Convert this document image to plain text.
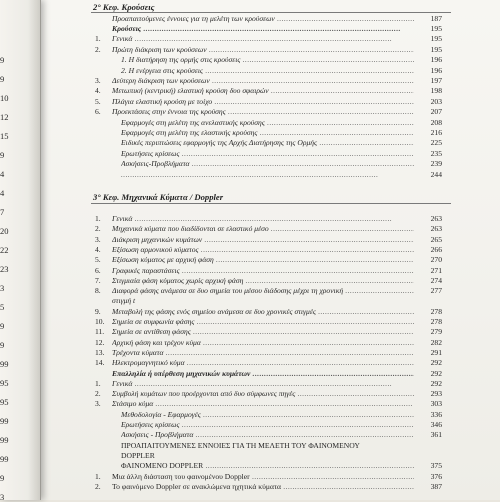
9
9
10
12
15
9
4
4
7
20
22
23
3
5
9
9
99
95
95
99
99
99
9
3
2° Κεφ. Κρούσεις
Προαπαιτούμενες έννοιες για τη μελέτη των κρούσεων .....	187
Κρούσεις .....	195
1. Γενικά .....	195
2. Πρώτη διάκριση των κρούσεων .....	195
1. Η διατήρηση της ορμής στις κρούσεις .....	196
2. Η ενέργεια στις κρούσεις .....	196
3. Δεύτερη διάκριση των κρούσεων .....	197
4. Μετωπική (κεντρική) ελαστική κρούση δυο σφαιρών .....	198
5. Πλάγια ελαστική κρούση με τοίχο .....	203
6. Προεκτάσεις στην έννοια της κρούσης .....	207
Εφαρμογές στη μελέτη της ανελαστικής κρούσης .....	208
Εφαρμογές στη μελέτη της ελαστικής κρούσης .....	216
Ειδικές περιπτώσεις εφαρμογής της Αρχής Διατήρησης της Ορμής .....	225
Ερωτήσεις κρίσεως .....	235
Ασκήσεις-Προβλήματα .....	239
.....
244
3° Κεφ. Μηχανικά Κύματα / Doppler
1. Γενικά .....	263
2. Μηχανικά κύματα που διαδίδονται σε ελαστικό μέσο .....	263
3. Διάκριση μηχανικών κυμάτων .....	265
4. Εξίσωση αρμονικού κύματος .....	266
5. Εξίσωση κύματος με αρχική φάση .....	270
6. Γραφικές παραστάσεις .....	271
7. Στιγμιαία φάση κύματος χωρίς αρχική φάση .....	274
8. Διαφορά φάσης ανάμεσα σε δυο σημεία του μέσου διάδοσης μέχρι τη χρονική .....	277
στιγμή t
9. Μεταβολή της φάσης ενός σημείου ανάμεσα σε δυο χρονικές στιγμές .....	278
10. Σημεία σε συμφωνία φάσης .....	278
11. Σημεία σε αντίθεση φάσης .....	279
12. Αρχική φάση και τρέχον κύμα .....	282
13. Τρέχοντα κύματα .....	291
14. Ηλεκτρομαγνητικό κύμα .....	292
Επαλληλία ή υπέρθεση μηχανικών κυμάτων .....	292
1. Γενικά .....	292
2. Συμβολή κυμάτων που προέρχονται από δυο σύμφωνες πηγές .....	293
3. Στάσιμο κύμα .....	303
Μεθοδολογία - Εφαρμογές .....	336
Ερωτήσεις κρίσεως .....	346
Ασκήσεις - Προβλήματα .....	361
ΠΡΟΑΠΑΙΤΟΥΜΕΝΕΣ ΕΝΝΟΙΕΣ ΓΙΑ ΤΗ ΜΕΛΕΤΗ ΤΟΥ ΦΑΙΝΟΜΕΝΟΥ
DOPPLER
ΦΑΙΝΟΜΕΝΟ DOPPLER .....	375
1. Μια άλλη διάσταση του φαινομένου Doppler .....	376
2. Το φαινόμενο Doppler σε ανακλώμενα ηχητικά κύματα .....	387
